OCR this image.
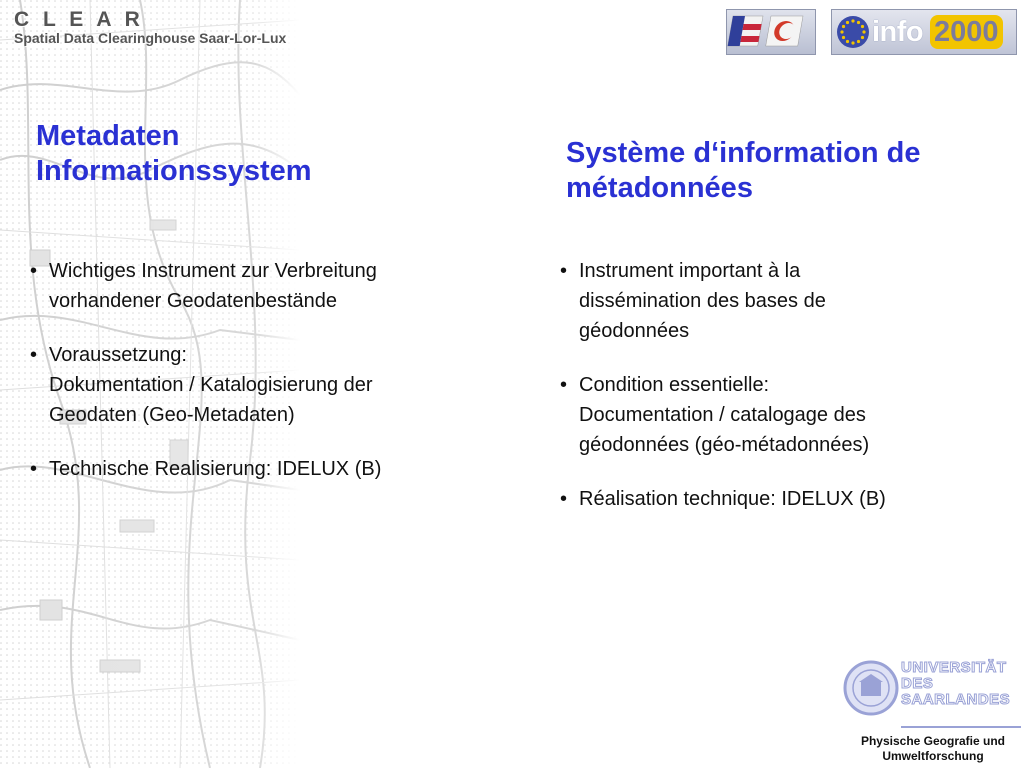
C L E A R
Spatial Data Clearinghouse Saar-Lor-Lux	info 2000
Metadaten
Informationssystem
• Wichtiges Instrument zur Verbreitung
vorhandener Geodatenbestände
• Voraussetzung:
Dokumentation / Katalogisierung der
Geodaten (Geo-Metadaten)
• Technische Realisierung: IDELUX (B)
Système d‘information de
métadonnées
• Instrument important à la
dissémination des bases de
géodonnées
• Condition essentielle:
Documentation / catalogage des
géodonnées (géo-métadonnées)
• Réalisation technique: IDELUX (B)
UNIVERSITÄT
DES
SAARLANDES
Physische Geografie und
Umweltforschung
